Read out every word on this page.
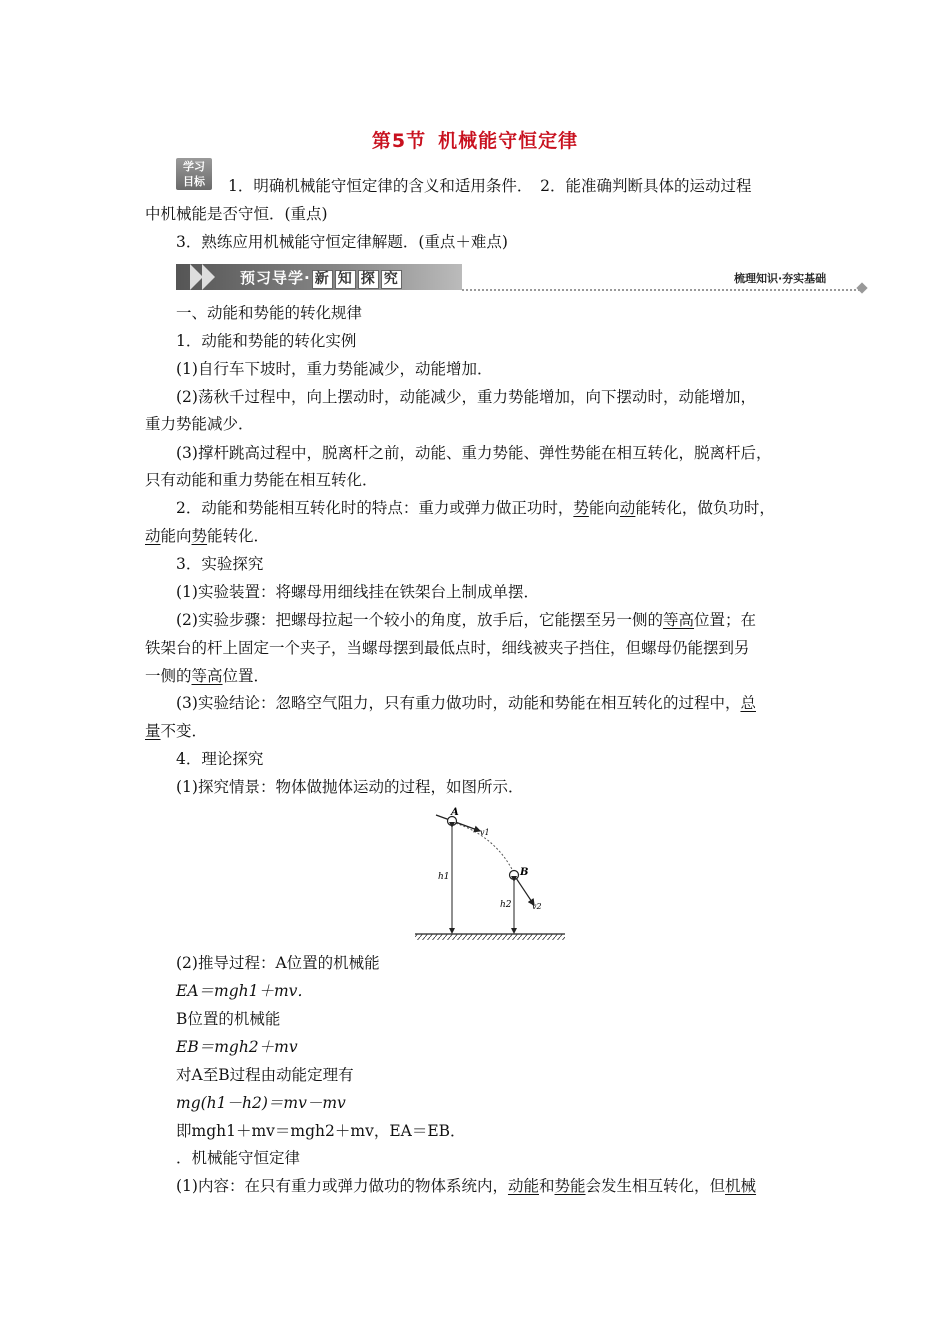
第5节 机械能守恒定律
学习
目标	1．明确机械能守恒定律的含义和适用条件．　2．能准确判断具体的运动过程
中机械能是否守恒．(重点)
3．熟练应用机械能守恒定律解题．(重点＋难点)
预习导学· 新 知 探 究	梳理知识·夯实基础
一、动能和势能的转化规律
1．动能和势能的转化实例
(1)自行车下坡时，重力势能减少，动能增加．
(2)荡秋千过程中，向上摆动时，动能减少，重力势能增加，向下摆动时，动能增加，
重力势能减少．
(3)撑杆跳高过程中，脱离杆之前，动能、重力势能、弹性势能在相互转化，脱离杆后，
只有动能和重力势能在相互转化．
2．动能和势能相互转化时的特点：重力或弹力做正功时，势能向动能转化，做负功时，
动能向势能转化．
3．实验探究
(1)实验装置：将螺母用细线挂在铁架台上制成单摆．
(2)实验步骤：把螺母拉起一个较小的角度，放手后，它能摆至另一侧的等高位置；在
铁架台的杆上固定一个夹子，当螺母摆到最低点时，细线被夹子挡住，但螺母仍能摆到另
一侧的等高位置．
(3)实验结论：忽略空气阻力，只有重力做功时，动能和势能在相互转化的过程中，总
量不变．
4．理论探究
(1)探究情景：物体做抛体运动的过程，如图所示．
A
v1
B
v2
h1
h2
(2)推导过程：A位置的机械能
EA＝mgh1＋mv．
B位置的机械能
EB＝mgh2＋mv
对A至B过程由动能定理有
mg(h1－h2)＝mv－mv
即mgh1＋mv＝mgh2＋mv，EA＝EB．
．机械能守恒定律
(1)内容：在只有重力或弹力做功的物体系统内，动能和势能会发生相互转化，但机械
